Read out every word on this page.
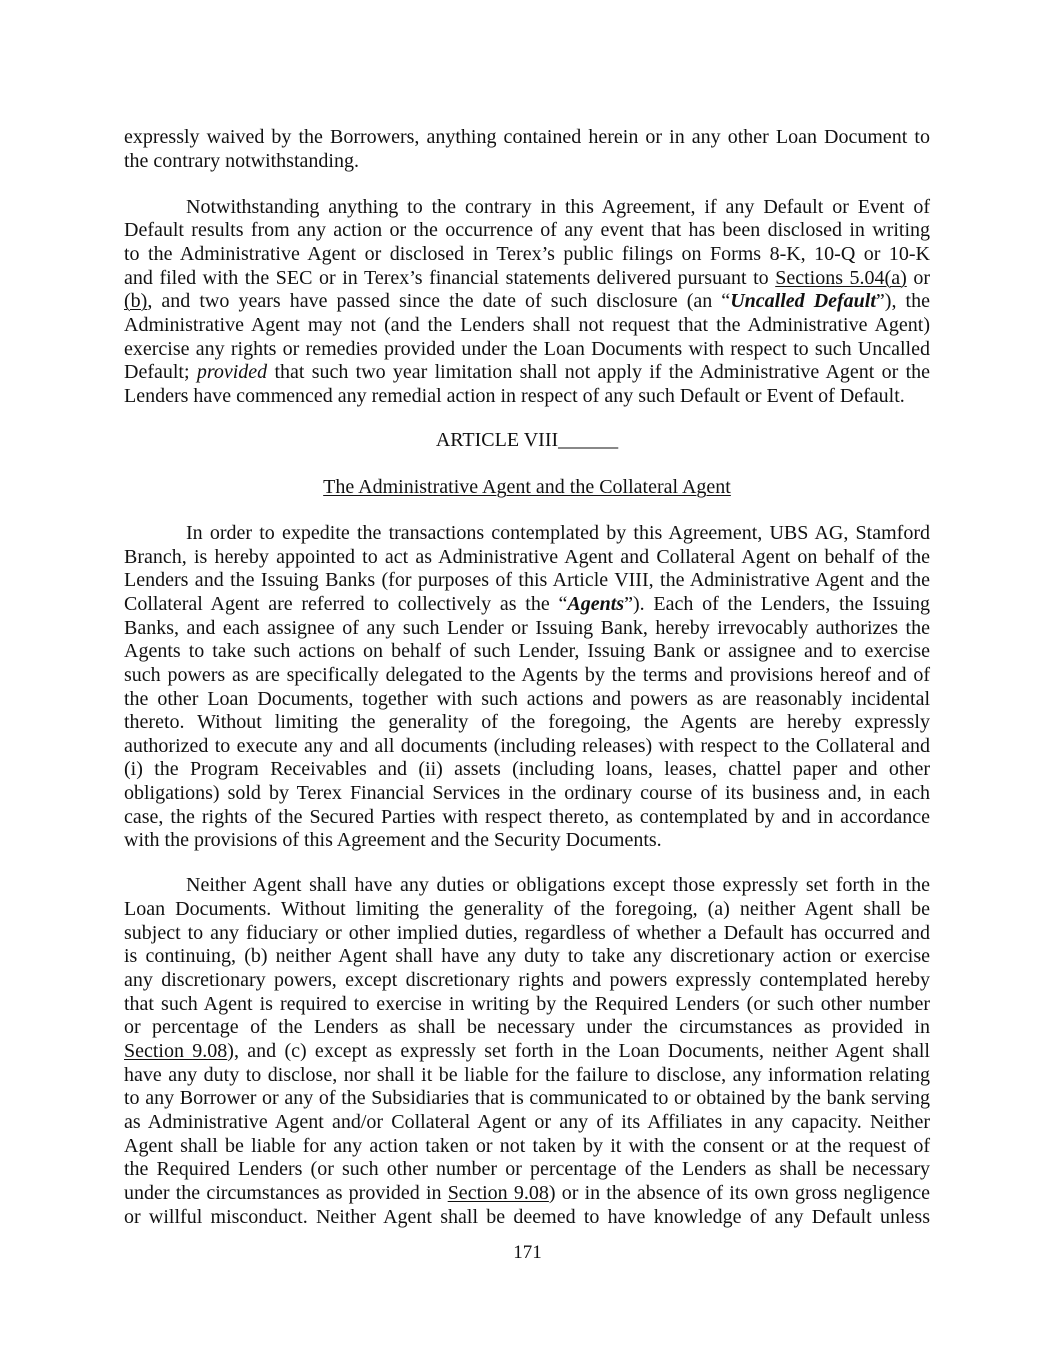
expressly waived by the Borrowers, anything contained herein or in any other Loan Document to
the contrary notwithstanding.
Notwithstanding anything to the contrary in this Agreement, if any Default or Event of
Default results from any action or the occurrence of any event that has been disclosed in writing
to the Administrative Agent or disclosed in Terex’s public filings on Forms 8-K, 10-Q or 10-K
and filed with the SEC or in Terex’s financial statements delivered pursuant to Sections 5.04(a) or
(b), and two years have passed since the date of such disclosure (an “Uncalled Default”), the
Administrative Agent may not (and the Lenders shall not request that the Administrative Agent)
exercise any rights or remedies provided under the Loan Documents with respect to such Uncalled
Default; provided that such two year limitation shall not apply if the Administrative Agent or the
Lenders have commenced any remedial action in respect of any such Default or Event of Default.
ARTICLE VIII______
The Administrative Agent and the Collateral Agent
In order to expedite the transactions contemplated by this Agreement, UBS AG, Stamford
Branch, is hereby appointed to act as Administrative Agent and Collateral Agent on behalf of the
Lenders and the Issuing Banks (for purposes of this Article VIII, the Administrative Agent and the
Collateral Agent are referred to collectively as the “Agents”). Each of the Lenders, the Issuing
Banks, and each assignee of any such Lender or Issuing Bank, hereby irrevocably authorizes the
Agents to take such actions on behalf of such Lender, Issuing Bank or assignee and to exercise
such powers as are specifically delegated to the Agents by the terms and provisions hereof and of
the other Loan Documents, together with such actions and powers as are reasonably incidental
thereto. Without limiting the generality of the foregoing, the Agents are hereby expressly
authorized to execute any and all documents (including releases) with respect to the Collateral and
(i) the Program Receivables and (ii) assets (including loans, leases, chattel paper and other
obligations) sold by Terex Financial Services in the ordinary course of its business and, in each
case, the rights of the Secured Parties with respect thereto, as contemplated by and in accordance
with the provisions of this Agreement and the Security Documents.
Neither Agent shall have any duties or obligations except those expressly set forth in the
Loan Documents. Without limiting the generality of the foregoing, (a) neither Agent shall be
subject to any fiduciary or other implied duties, regardless of whether a Default has occurred and
is continuing, (b) neither Agent shall have any duty to take any discretionary action or exercise
any discretionary powers, except discretionary rights and powers expressly contemplated hereby
that such Agent is required to exercise in writing by the Required Lenders (or such other number
or percentage of the Lenders as shall be necessary under the circumstances as provided in
Section 9.08), and (c) except as expressly set forth in the Loan Documents, neither Agent shall
have any duty to disclose, nor shall it be liable for the failure to disclose, any information relating
to any Borrower or any of the Subsidiaries that is communicated to or obtained by the bank serving
as Administrative Agent and/or Collateral Agent or any of its Affiliates in any capacity. Neither
Agent shall be liable for any action taken or not taken by it with the consent or at the request of
the Required Lenders (or such other number or percentage of the Lenders as shall be necessary
under the circumstances as provided in Section 9.08) or in the absence of its own gross negligence
or willful misconduct. Neither Agent shall be deemed to have knowledge of any Default unless
171
